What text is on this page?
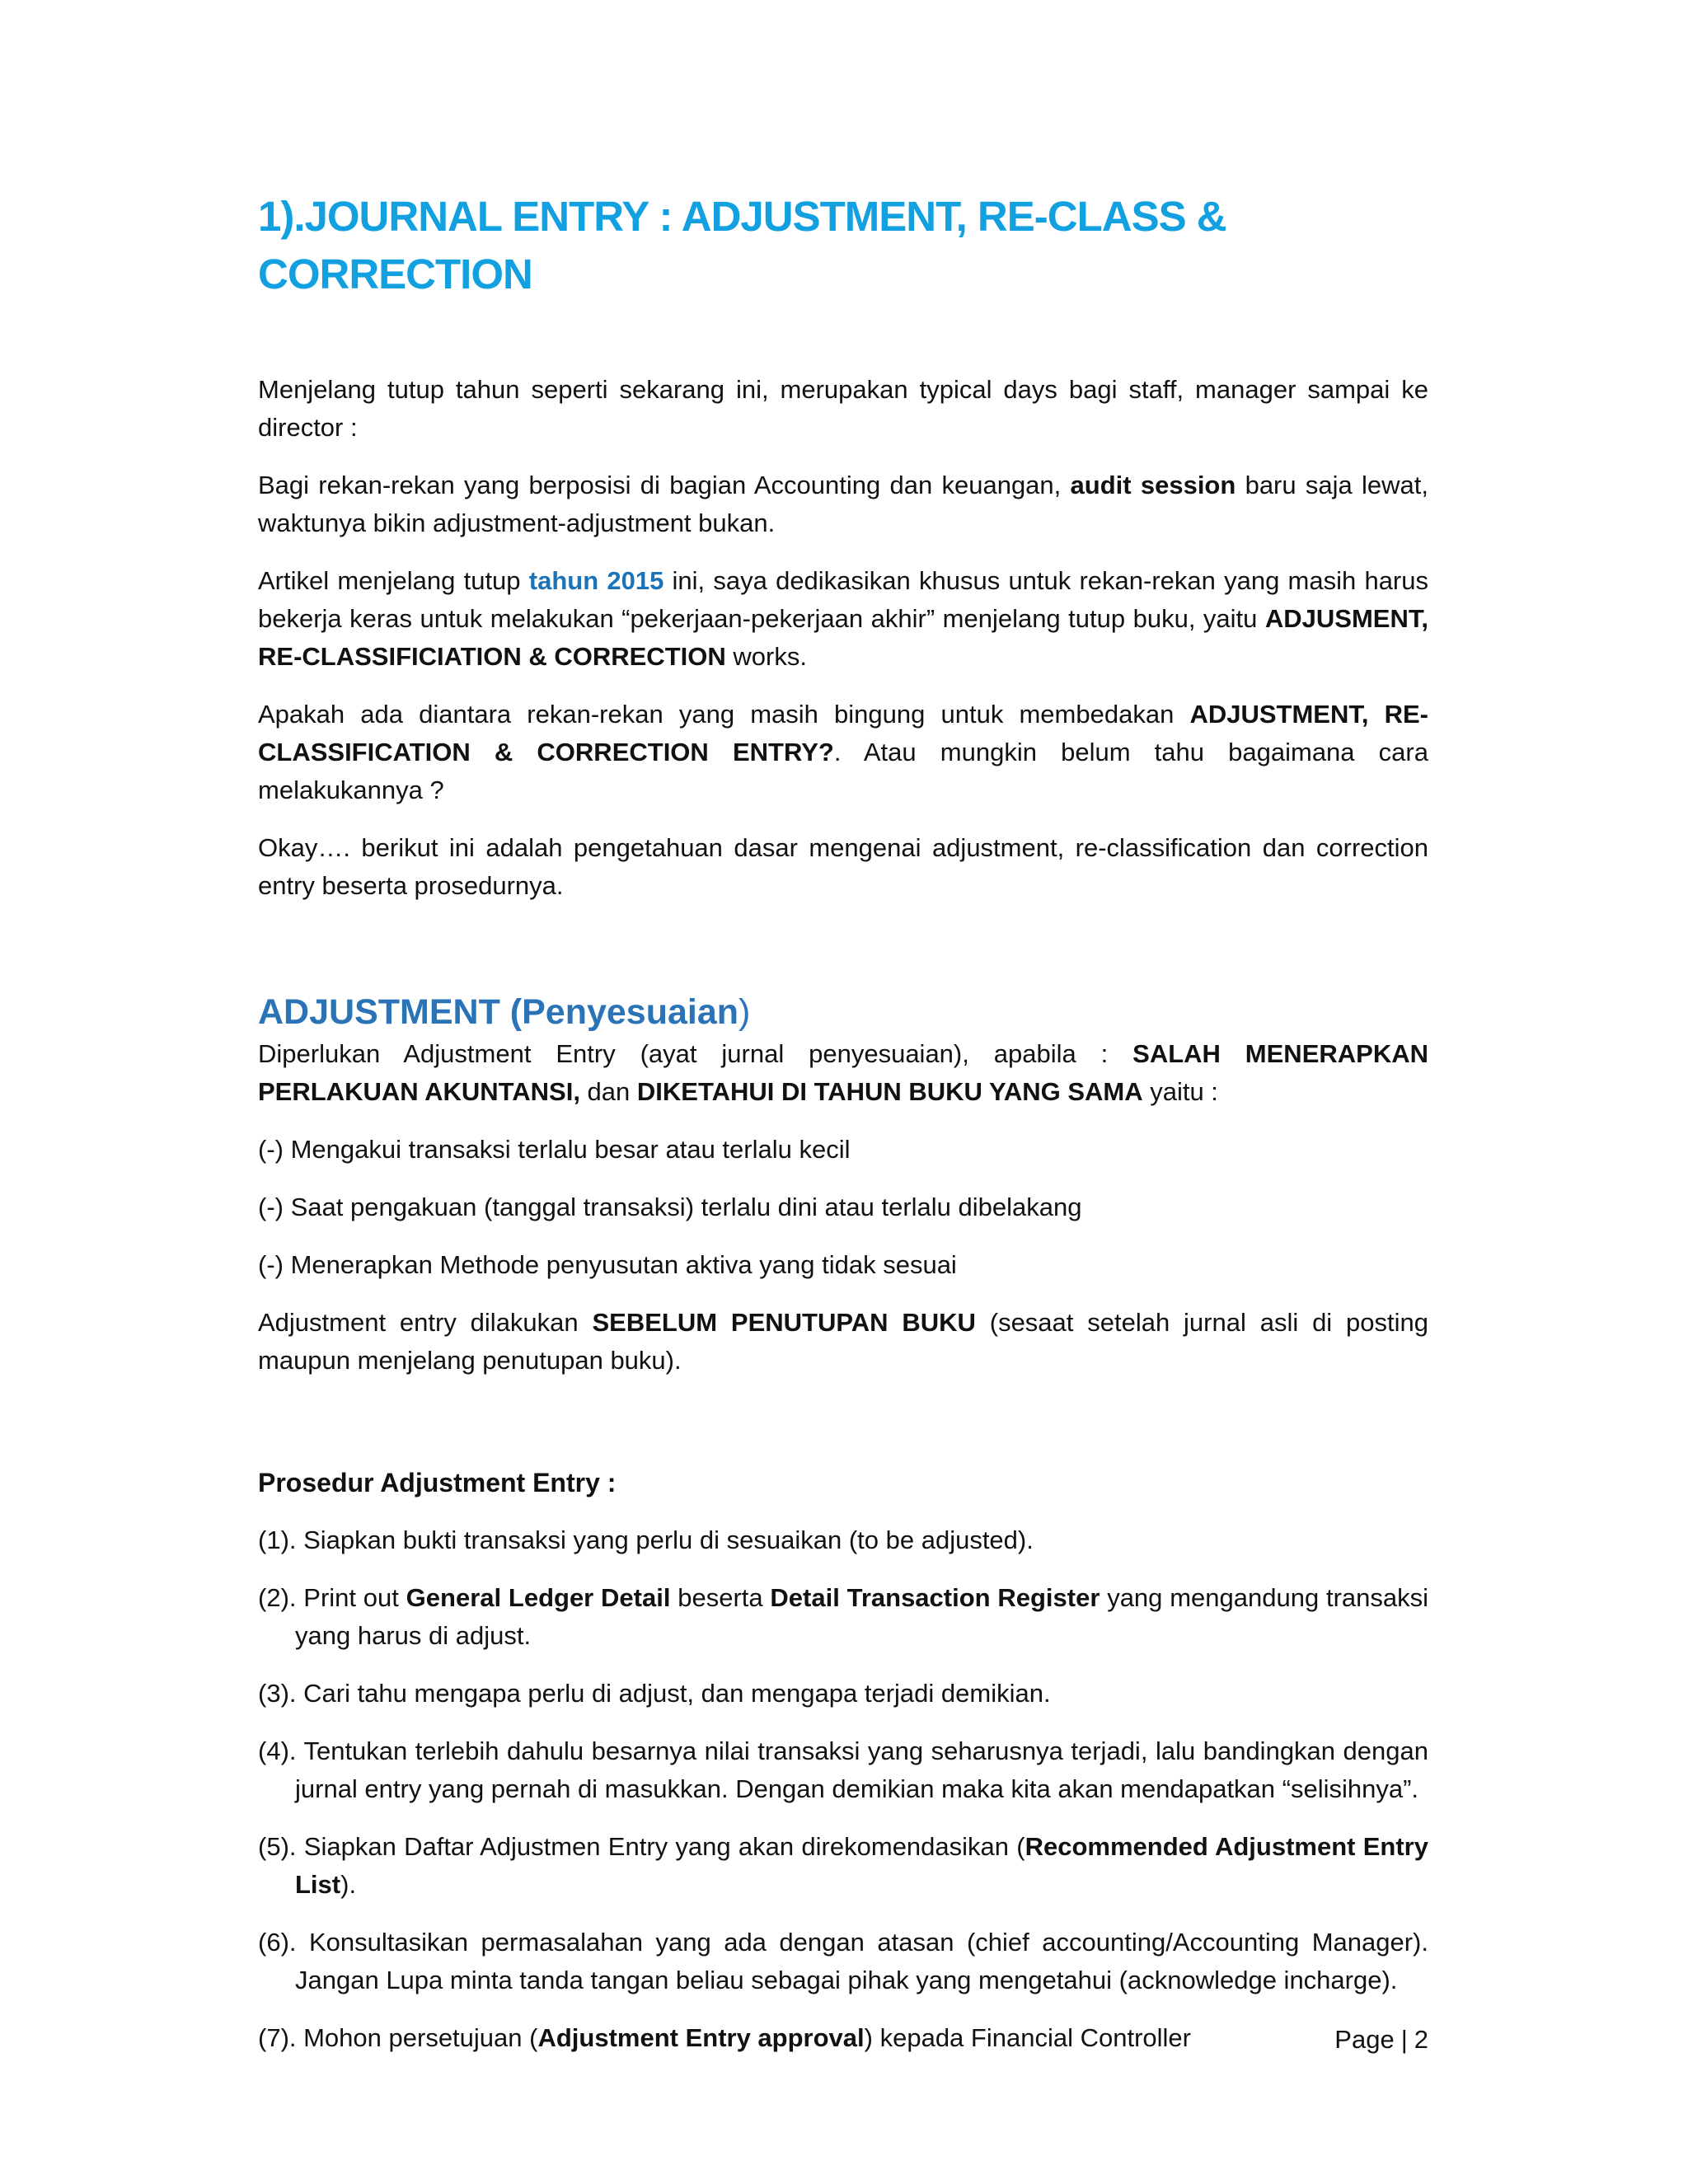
1).JOURNAL ENTRY : ADJUSTMENT, RE-CLASS & CORRECTION

Menjelang tutup tahun seperti sekarang ini, merupakan typical days bagi staff, manager sampai ke director :

Bagi rekan-rekan yang berposisi di bagian Accounting dan keuangan, audit session baru saja lewat, waktunya bikin adjustment-adjustment bukan.

Artikel menjelang tutup tahun 2015 ini, saya dedikasikan khusus untuk rekan-rekan yang masih harus bekerja keras untuk melakukan “pekerjaan-pekerjaan akhir” menjelang tutup buku, yaitu ADJUSMENT, RE-CLASSIFICIATION & CORRECTION works.

Apakah ada diantara rekan-rekan yang masih bingung untuk membedakan ADJUSTMENT, RE-CLASSIFICATION & CORRECTION ENTRY?. Atau mungkin belum tahu bagaimana cara melakukannya ?

Okay…. berikut ini adalah pengetahuan dasar mengenai adjustment, re-classification dan correction entry beserta prosedurnya.

ADJUSTMENT (Penyesuaian)

Diperlukan Adjustment Entry (ayat jurnal penyesuaian), apabila : SALAH MENERAPKAN PERLAKUAN AKUNTANSI, dan DIKETAHUI DI TAHUN BUKU YANG SAMA yaitu :

(-) Mengakui transaksi terlalu besar atau terlalu kecil

(-) Saat pengakuan (tanggal transaksi) terlalu dini atau terlalu dibelakang

(-) Menerapkan Methode penyusutan aktiva yang tidak sesuai

Adjustment entry dilakukan SEBELUM PENUTUPAN BUKU (sesaat setelah jurnal asli di posting maupun menjelang penutupan buku).

Prosedur Adjustment Entry :

(1). Siapkan bukti transaksi yang perlu di sesuaikan (to be adjusted).

(2). Print out General Ledger Detail beserta Detail Transaction Register yang mengandung transaksi yang harus di adjust.

(3). Cari tahu mengapa perlu di adjust, dan mengapa terjadi demikian.

(4). Tentukan terlebih dahulu besarnya nilai transaksi yang seharusnya terjadi, lalu bandingkan dengan jurnal entry yang pernah di masukkan. Dengan demikian maka kita akan mendapatkan “selisihnya”.

(5). Siapkan Daftar Adjustmen Entry yang akan direkomendasikan (Recommended Adjustment Entry List).

(6). Konsultasikan permasalahan yang ada dengan atasan (chief accounting/Accounting Manager). Jangan Lupa minta tanda tangan beliau sebagai pihak yang mengetahui (acknowledge incharge).

(7). Mohon persetujuan (Adjustment Entry approval) kepada Financial Controller	Page | 2
